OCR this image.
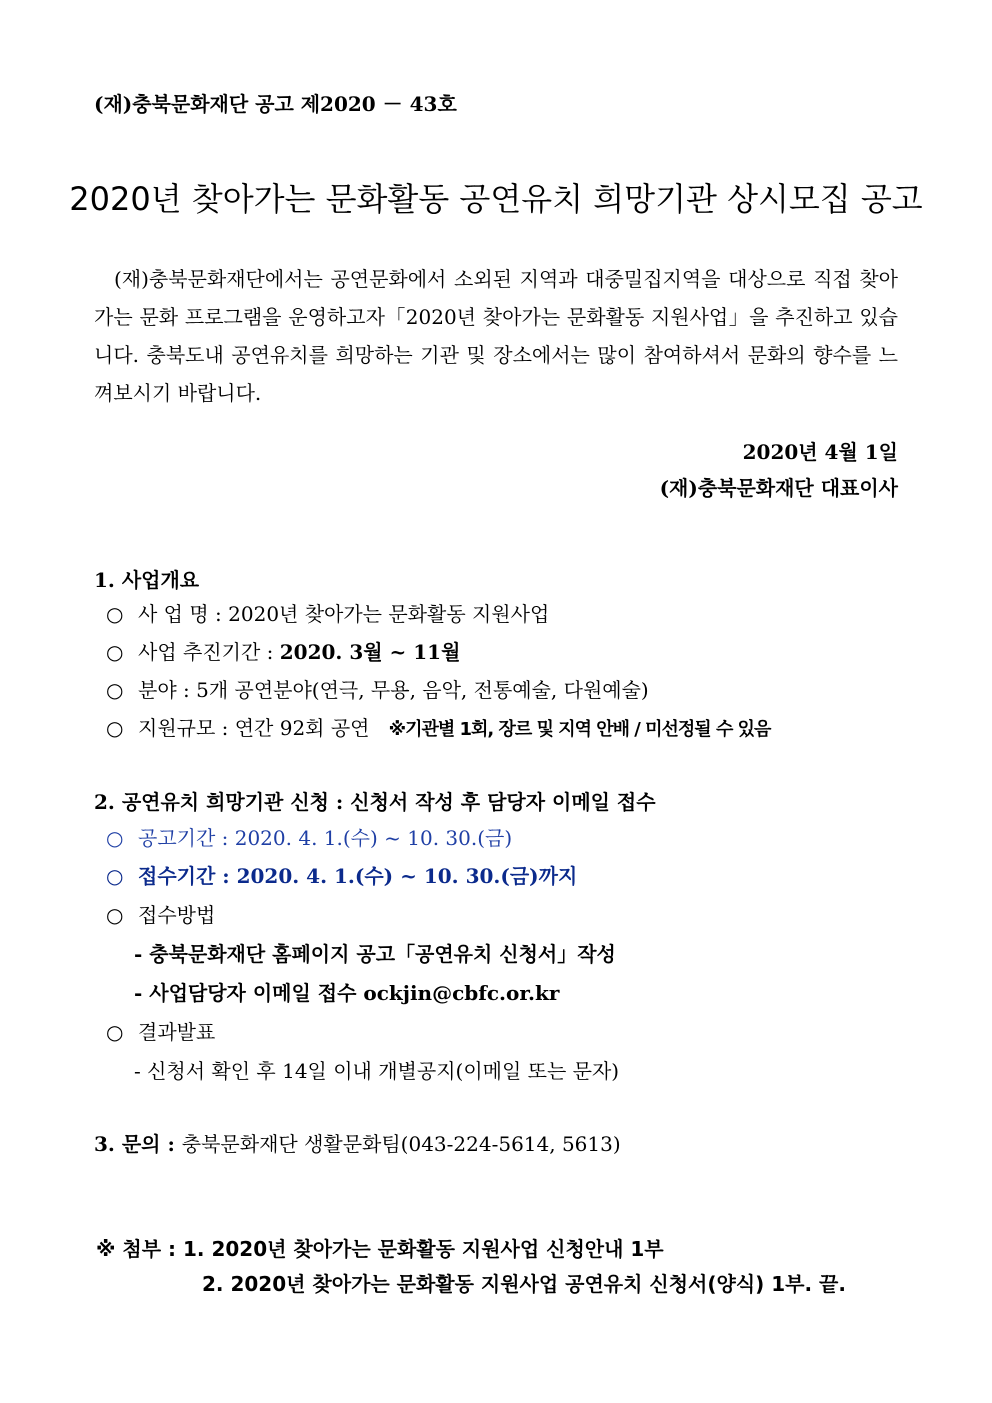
(재)충북문화재단 공고 제2020 － 43호
2020년 찾아가는 문화활동 공연유치 희망기관 상시모집 공고

(재)충북문화재단에서는 공연문화에서 소외된 지역과 대중밀집지역을 대상으로 직접 찾아가는 문화 프로그램을 운영하고자「2020년 찾아가는 문화활동 지원사업」을 추진하고 있습니다. 충북도내 공연유치를 희망하는 기관 및 장소에서는 많이 참여하셔서 문화의 향수를 느껴보시기 바랍니다.

2020년 4월 1일
(재)충북문화재단 대표이사
1. 사업개요
○ 사 업 명 : 2020년 찾아가는 문화활동 지원사업
○ 사업 추진기간 : 2020. 3월 ~ 11월
○ 분야 : 5개 공연분야(연극, 무용, 음악, 전통예술, 다원예술)
○ 지원규모 : 연간 92회 공연 ※기관별 1회, 장르 및 지역 안배 / 미선정될 수 있음
2. 공연유치 희망기관 신청 : 신청서 작성 후 담당자 이메일 접수
○ 공고기간 : 2020. 4. 1.(수) ~ 10. 30.(금)
○ 접수기간 : 2020. 4. 1.(수) ~ 10. 30.(금)까지
○ 접수방법
- 충북문화재단 홈페이지 공고「공연유치 신청서」작성
- 사업담당자 이메일 접수 ockjin@cbfc.or.kr
○ 결과발표
- 신청서 확인 후 14일 이내 개별공지(이메일 또는 문자)
3. 문의 : 충북문화재단 생활문화팀(043-224-5614, 5613)
※ 첨부 : 1. 2020년 찾아가는 문화활동 지원사업 신청안내 1부
2. 2020년 찾아가는 문화활동 지원사업 공연유치 신청서(양식) 1부. 끝.
